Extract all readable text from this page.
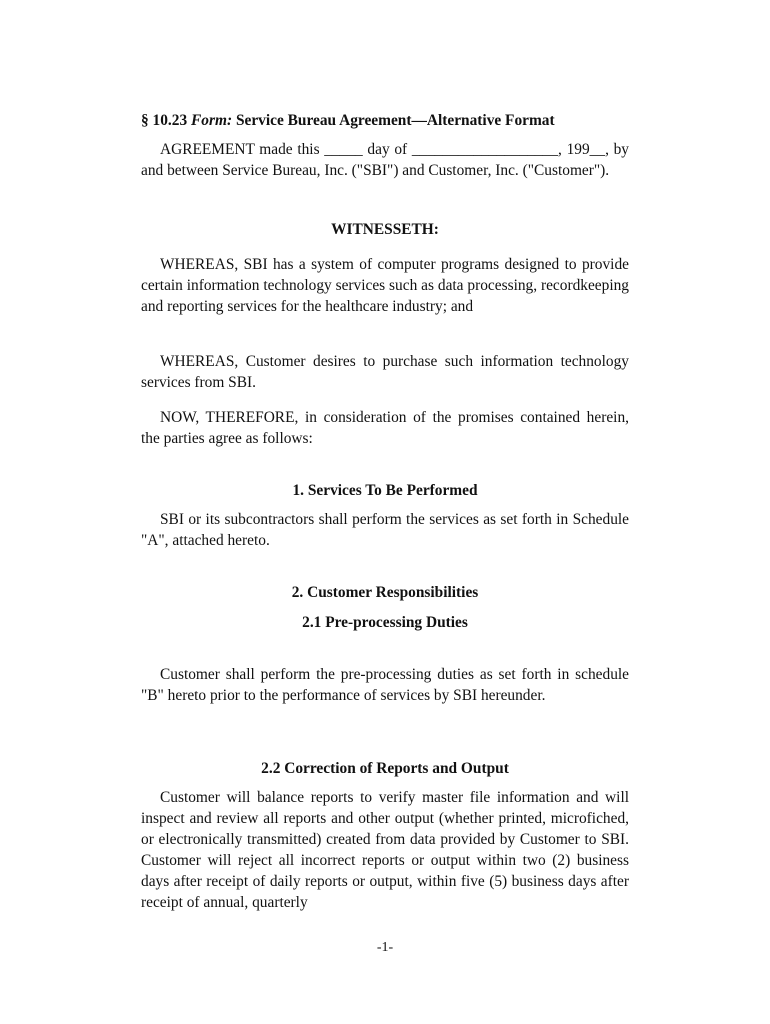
§ 10.23 Form: Service Bureau Agreement—Alternative Format

AGREEMENT made this _____ day of ___________________, 199__, by and between Service Bureau, Inc. ("SBI") and Customer, Inc. ("Customer").

WITNESSETH:

WHEREAS, SBI has a system of computer programs designed to provide certain information technology services such as data processing, recordkeeping and reporting services for the healthcare industry; and

WHEREAS, Customer desires to purchase such information technology services from SBI.

NOW, THEREFORE, in consideration of the promises contained herein, the parties agree as follows:

1. Services To Be Performed

SBI or its subcontractors shall perform the services as set forth in Schedule "A", attached hereto.

2. Customer Responsibilities

2.1 Pre-processing Duties

Customer shall perform the pre-processing duties as set forth in schedule "B" hereto prior to the performance of services by SBI hereunder.

2.2 Correction of Reports and Output

Customer will balance reports to verify master file information and will inspect and review all reports and other output (whether printed, microfiched, or electronically transmitted) created from data provided by Customer to SBI. Customer will reject all incorrect reports or output within two (2) business days after receipt of daily reports or output, within five (5) business days after receipt of annual, quarterly

-1-
